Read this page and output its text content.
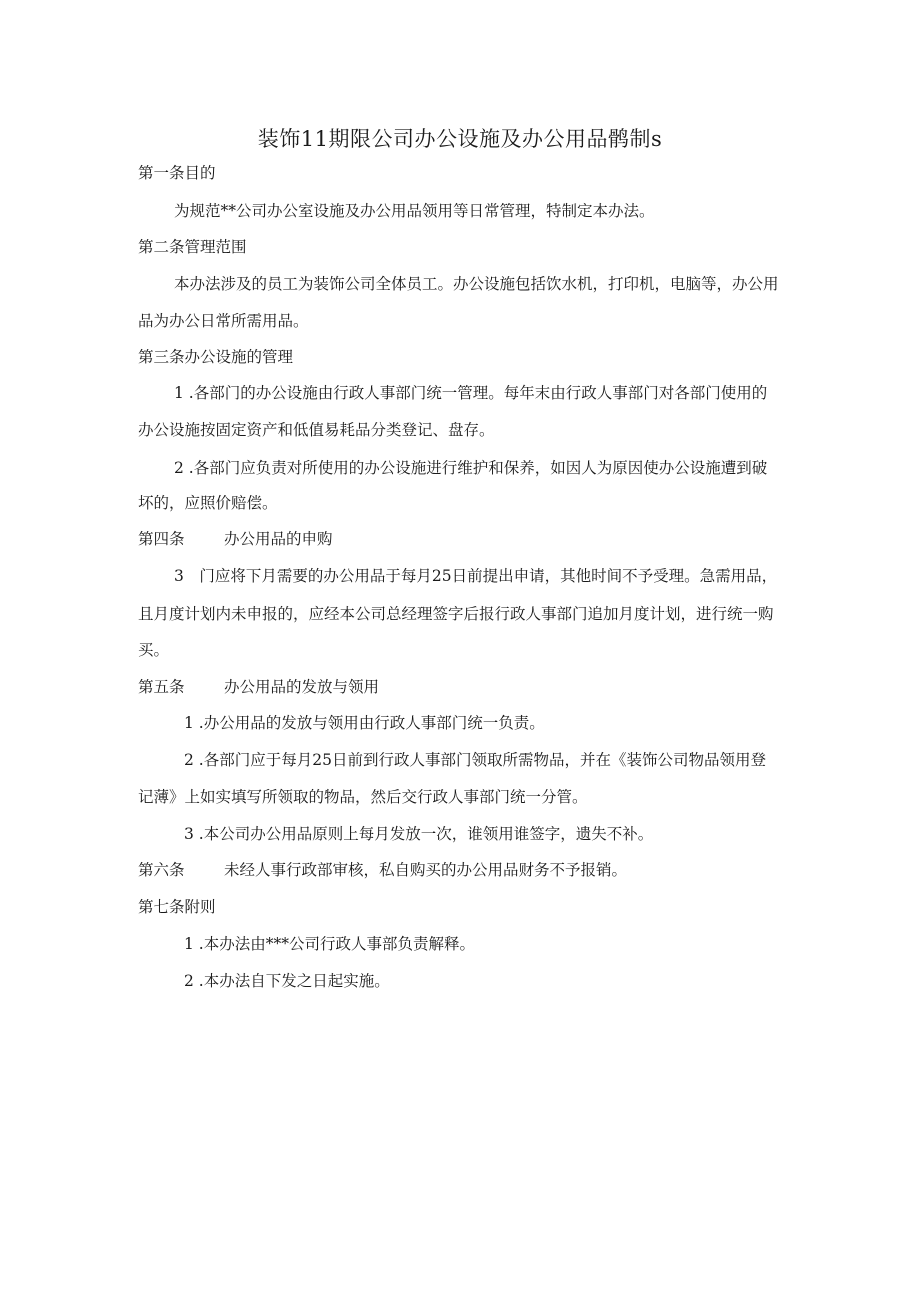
装饰11期限公司办公设施及办公用品鹘制s
第一条目的
为规范**公司办公室设施及办公用品领用等日常管理，特制定本办法。
第二条管理范围
本办法涉及的员工为装饰公司全体员工。办公设施包括饮水机，打印机，电脑等，办公用
品为办公日常所需用品。
第三条办公设施的管理
1 .各部门的办公设施由行政人事部门统一管理。每年末由行政人事部门对各部门使用的
办公设施按固定资产和低值易耗品分类登记、盘存。
2 .各部门应负责对所使用的办公设施进行维护和保养，如因人为原因使办公设施遭到破
坏的，应照价赔偿。
第四条	办公用品的申购
3　门应将下月需要的办公用品于每月25日前提出申请，其他时间不予受理。急需用品，
且月度计划内未申报的，应经本公司总经理签字后报行政人事部门追加月度计划，进行统一购
买。
第五条	办公用品的发放与领用
1 .办公用品的发放与领用由行政人事部门统一负责。
2 .各部门应于每月25日前到行政人事部门领取所需物品，并在《装饰公司物品领用登
记薄》上如实填写所领取的物品，然后交行政人事部门统一分管。
3 .本公司办公用品原则上每月发放一次，谁领用谁签字，遗失不补。
第六条	未经人事行政部审核，私自购买的办公用品财务不予报销。
第七条附则
1 .本办法由***公司行政人事部负责解释。
2 .本办法自下发之日起实施。
